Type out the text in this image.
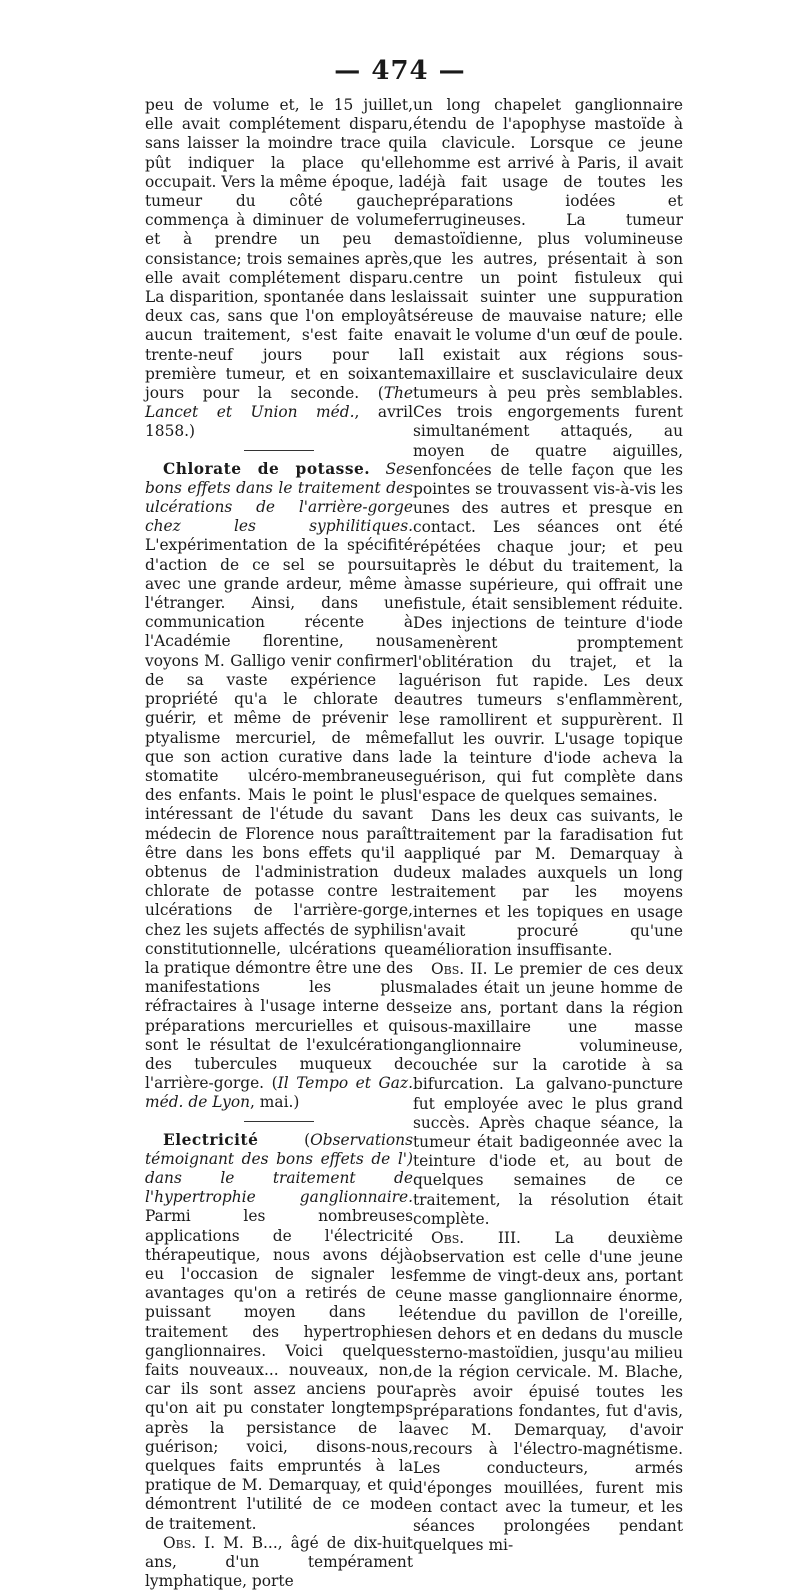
— 474 —

peu de volume et, le 15 juillet, elle avait complétement disparu, sans laisser la moindre trace qui pût indiquer la place qu'elle occupait. Vers la même époque, la tumeur du côté gauche commença à diminuer de volume et à prendre un peu de consistance; trois semaines après, elle avait complétement disparu. La disparition, spontanée dans les deux cas, sans que l'on employât aucun traitement, s'est faite en trente-neuf jours pour la première tumeur, et en soixante jours pour la seconde. (The Lancet et Union méd., avril 1858.)

Chlorate de potasse. Ses bons effets dans le traitement des ulcérations de l'arrière-gorge chez les syphilitiques. L'expérimentation de la spécifité d'action de ce sel se poursuit avec une grande ardeur, même à l'étranger. Ainsi, dans une communication récente à l'Académie florentine, nous voyons M. Galligo venir confirmer de sa vaste expérience la propriété qu'a le chlorate de guérir, et même de prévenir le ptyalisme mercuriel, de même que son action curative dans la stomatite ulcéro-membraneuse des enfants. Mais le point le plus intéressant de l'étude du savant médecin de Florence nous paraît être dans les bons effets qu'il a obtenus de l'administration du chlorate de potasse contre les ulcérations de l'arrière-gorge, chez les sujets affectés de syphilis constitutionnelle, ulcérations que la pratique démontre être une des manifestations les plus réfractaires à l'usage interne des préparations mercurielles et qui sont le résultat de l'exulcération des tubercules muqueux de l'arrière-gorge. (Il Tempo et Gaz. méd. de Lyon, mai.)

Electricité (Observations témoignant des bons effets de l') dans le traitement de l'hypertrophie ganglionnaire. Parmi les nombreuses applications de l'électricité thérapeutique, nous avons déjà eu l'occasion de signaler les avantages qu'on a retirés de ce puissant moyen dans le traitement des hypertrophies ganglionnaires. Voici quelques faits nouveaux... nouveaux, non, car ils sont assez anciens pour qu'on ait pu constater longtemps après la persistance de la guérison; voici, disons-nous, quelques faits empruntés à la pratique de M. Demarquay, et qui démontrent l'utilité de ce mode de traitement.

Obs. I. M. B..., âgé de dix-huit ans, d'un tempérament lymphatique, porte

un long chapelet ganglionnaire étendu de l'apophyse mastoïde à la clavicule. Lorsque ce jeune homme est arrivé à Paris, il avait déjà fait usage de toutes les préparations iodées et ferrugineuses. La tumeur mastoïdienne, plus volumineuse que les autres, présentait à son centre un point fistuleux qui laissait suinter une suppuration séreuse de mauvaise nature; elle avait le volume d'un œuf de poule. Il existait aux régions sous-maxillaire et susclaviculaire deux tumeurs à peu près semblables. Ces trois engorgements furent simultanément attaqués, au moyen de quatre aiguilles, enfoncées de telle façon que les pointes se trouvassent vis-à-vis les unes des autres et presque en contact. Les séances ont été répétées chaque jour; et peu après le début du traitement, la masse supérieure, qui offrait une fistule, était sensiblement réduite. Des injections de teinture d'iode amenèrent promptement l'oblitération du trajet, et la guérison fut rapide. Les deux autres tumeurs s'enflammèrent, se ramollirent et suppurèrent. Il fallut les ouvrir. L'usage topique de la teinture d'iode acheva la guérison, qui fut complète dans l'espace de quelques semaines.

Dans les deux cas suivants, le traitement par la faradisation fut appliqué par M. Demarquay à deux malades auxquels un long traitement par les moyens internes et les topiques en usage n'avait procuré qu'une amélioration insuffisante.

Obs. II. Le premier de ces deux malades était un jeune homme de seize ans, portant dans la région sous-maxillaire une masse ganglionnaire volumineuse, couchée sur la carotide à sa bifurcation. La galvano-puncture fut employée avec le plus grand succès. Après chaque séance, la tumeur était badigeonnée avec la teinture d'iode et, au bout de quelques semaines de ce traitement, la résolution était complète.

Obs. III. La deuxième observation est celle d'une jeune femme de vingt-deux ans, portant une masse ganglionnaire énorme, étendue du pavillon de l'oreille, en dehors et en dedans du muscle sterno-mastoïdien, jusqu'au milieu de la région cervicale. M. Blache, après avoir épuisé toutes les préparations fondantes, fut d'avis, avec M. Demarquay, d'avoir recours à l'électro-magnétisme. Les conducteurs, armés d'éponges mouillées, furent mis en contact avec la tumeur, et les séances prolongées pendant quelques mi-
